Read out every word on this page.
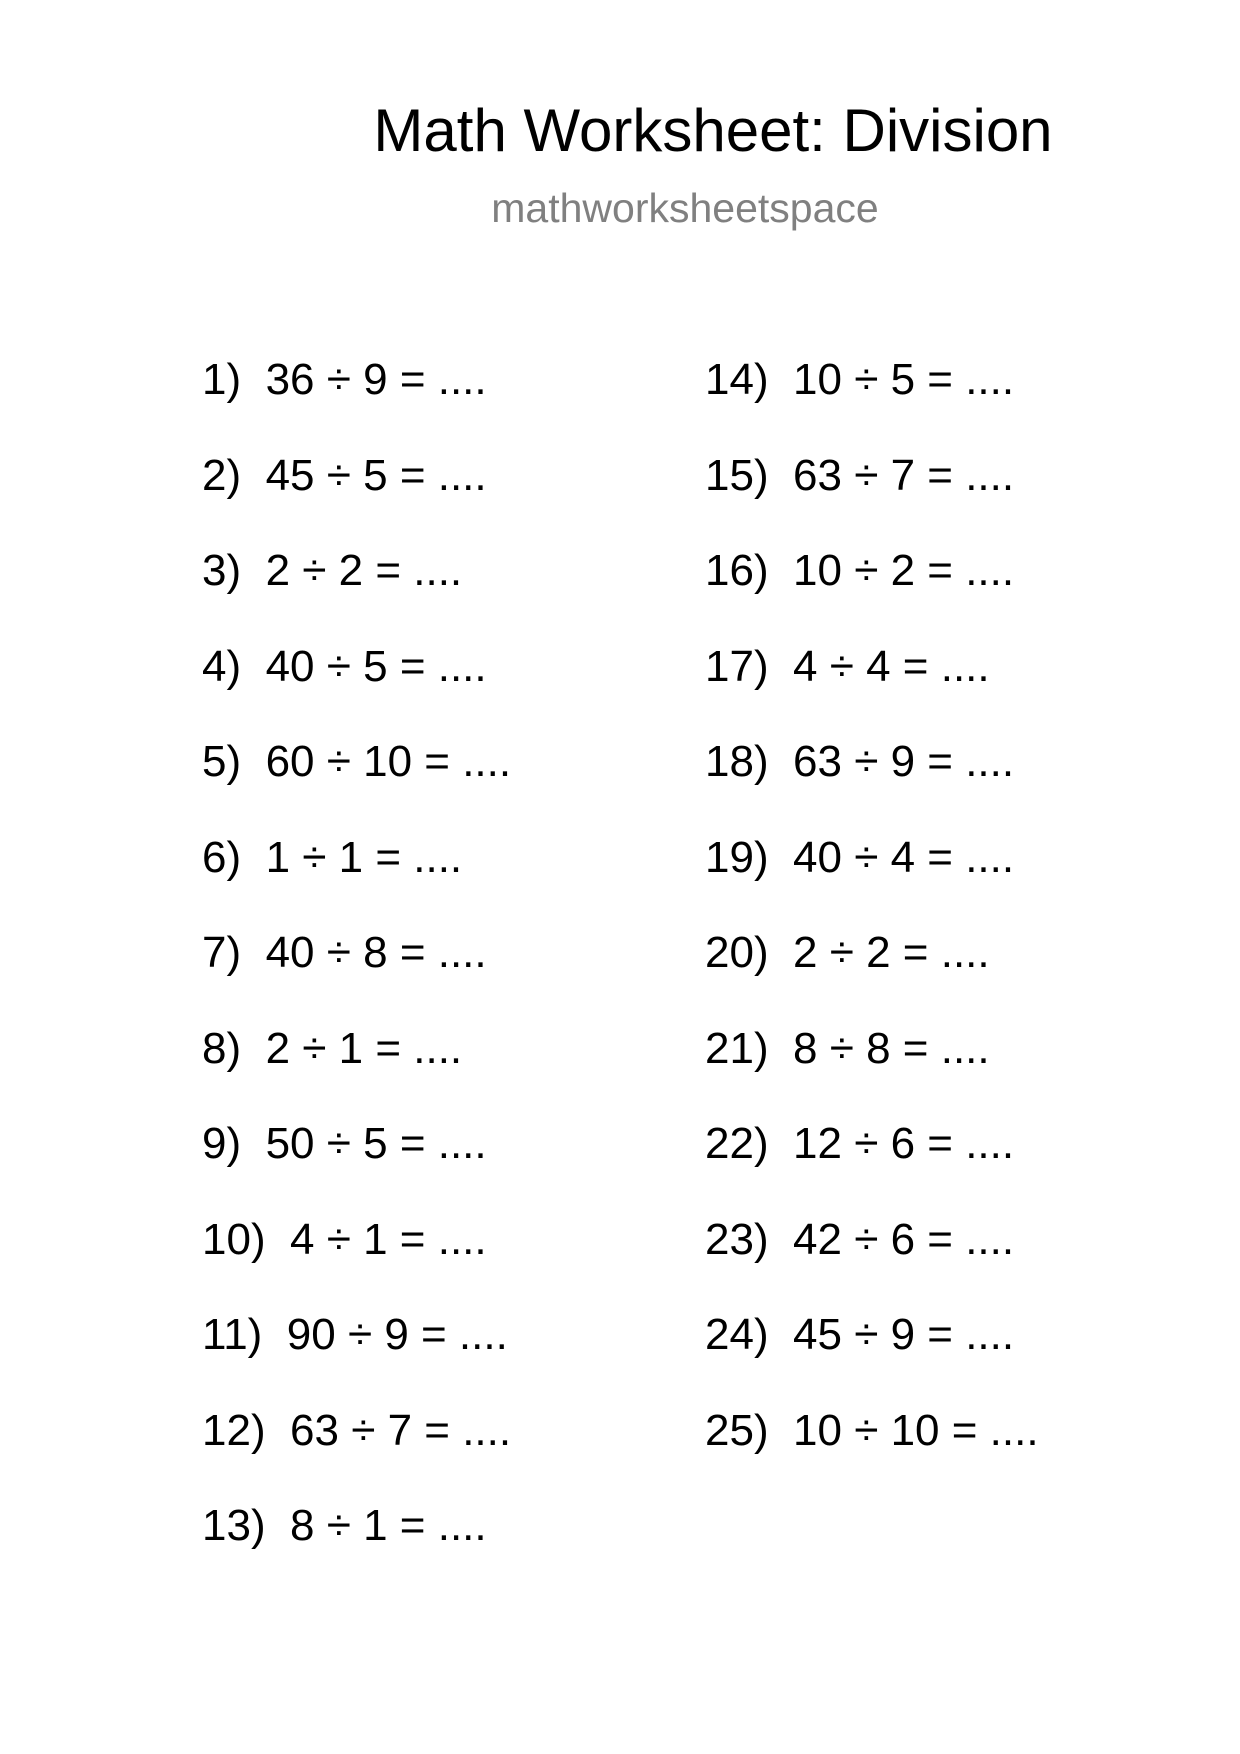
Math Worksheet: Division
mathworksheetspace
1) 36 ÷ 9 = ....
2) 45 ÷ 5 = ....
3) 2 ÷ 2 = ....
4) 40 ÷ 5 = ....
5) 60 ÷ 10 = ....
6) 1 ÷ 1 = ....
7) 40 ÷ 8 = ....
8) 2 ÷ 1 = ....
9) 50 ÷ 5 = ....
10) 4 ÷ 1 = ....
11) 90 ÷ 9 = ....
12) 63 ÷ 7 = ....
13) 8 ÷ 1 = ....
14) 10 ÷ 5 = ....
15) 63 ÷ 7 = ....
16) 10 ÷ 2 = ....
17) 4 ÷ 4 = ....
18) 63 ÷ 9 = ....
19) 40 ÷ 4 = ....
20) 2 ÷ 2 = ....
21) 8 ÷ 8 = ....
22) 12 ÷ 6 = ....
23) 42 ÷ 6 = ....
24) 45 ÷ 9 = ....
25) 10 ÷ 10 = ....
